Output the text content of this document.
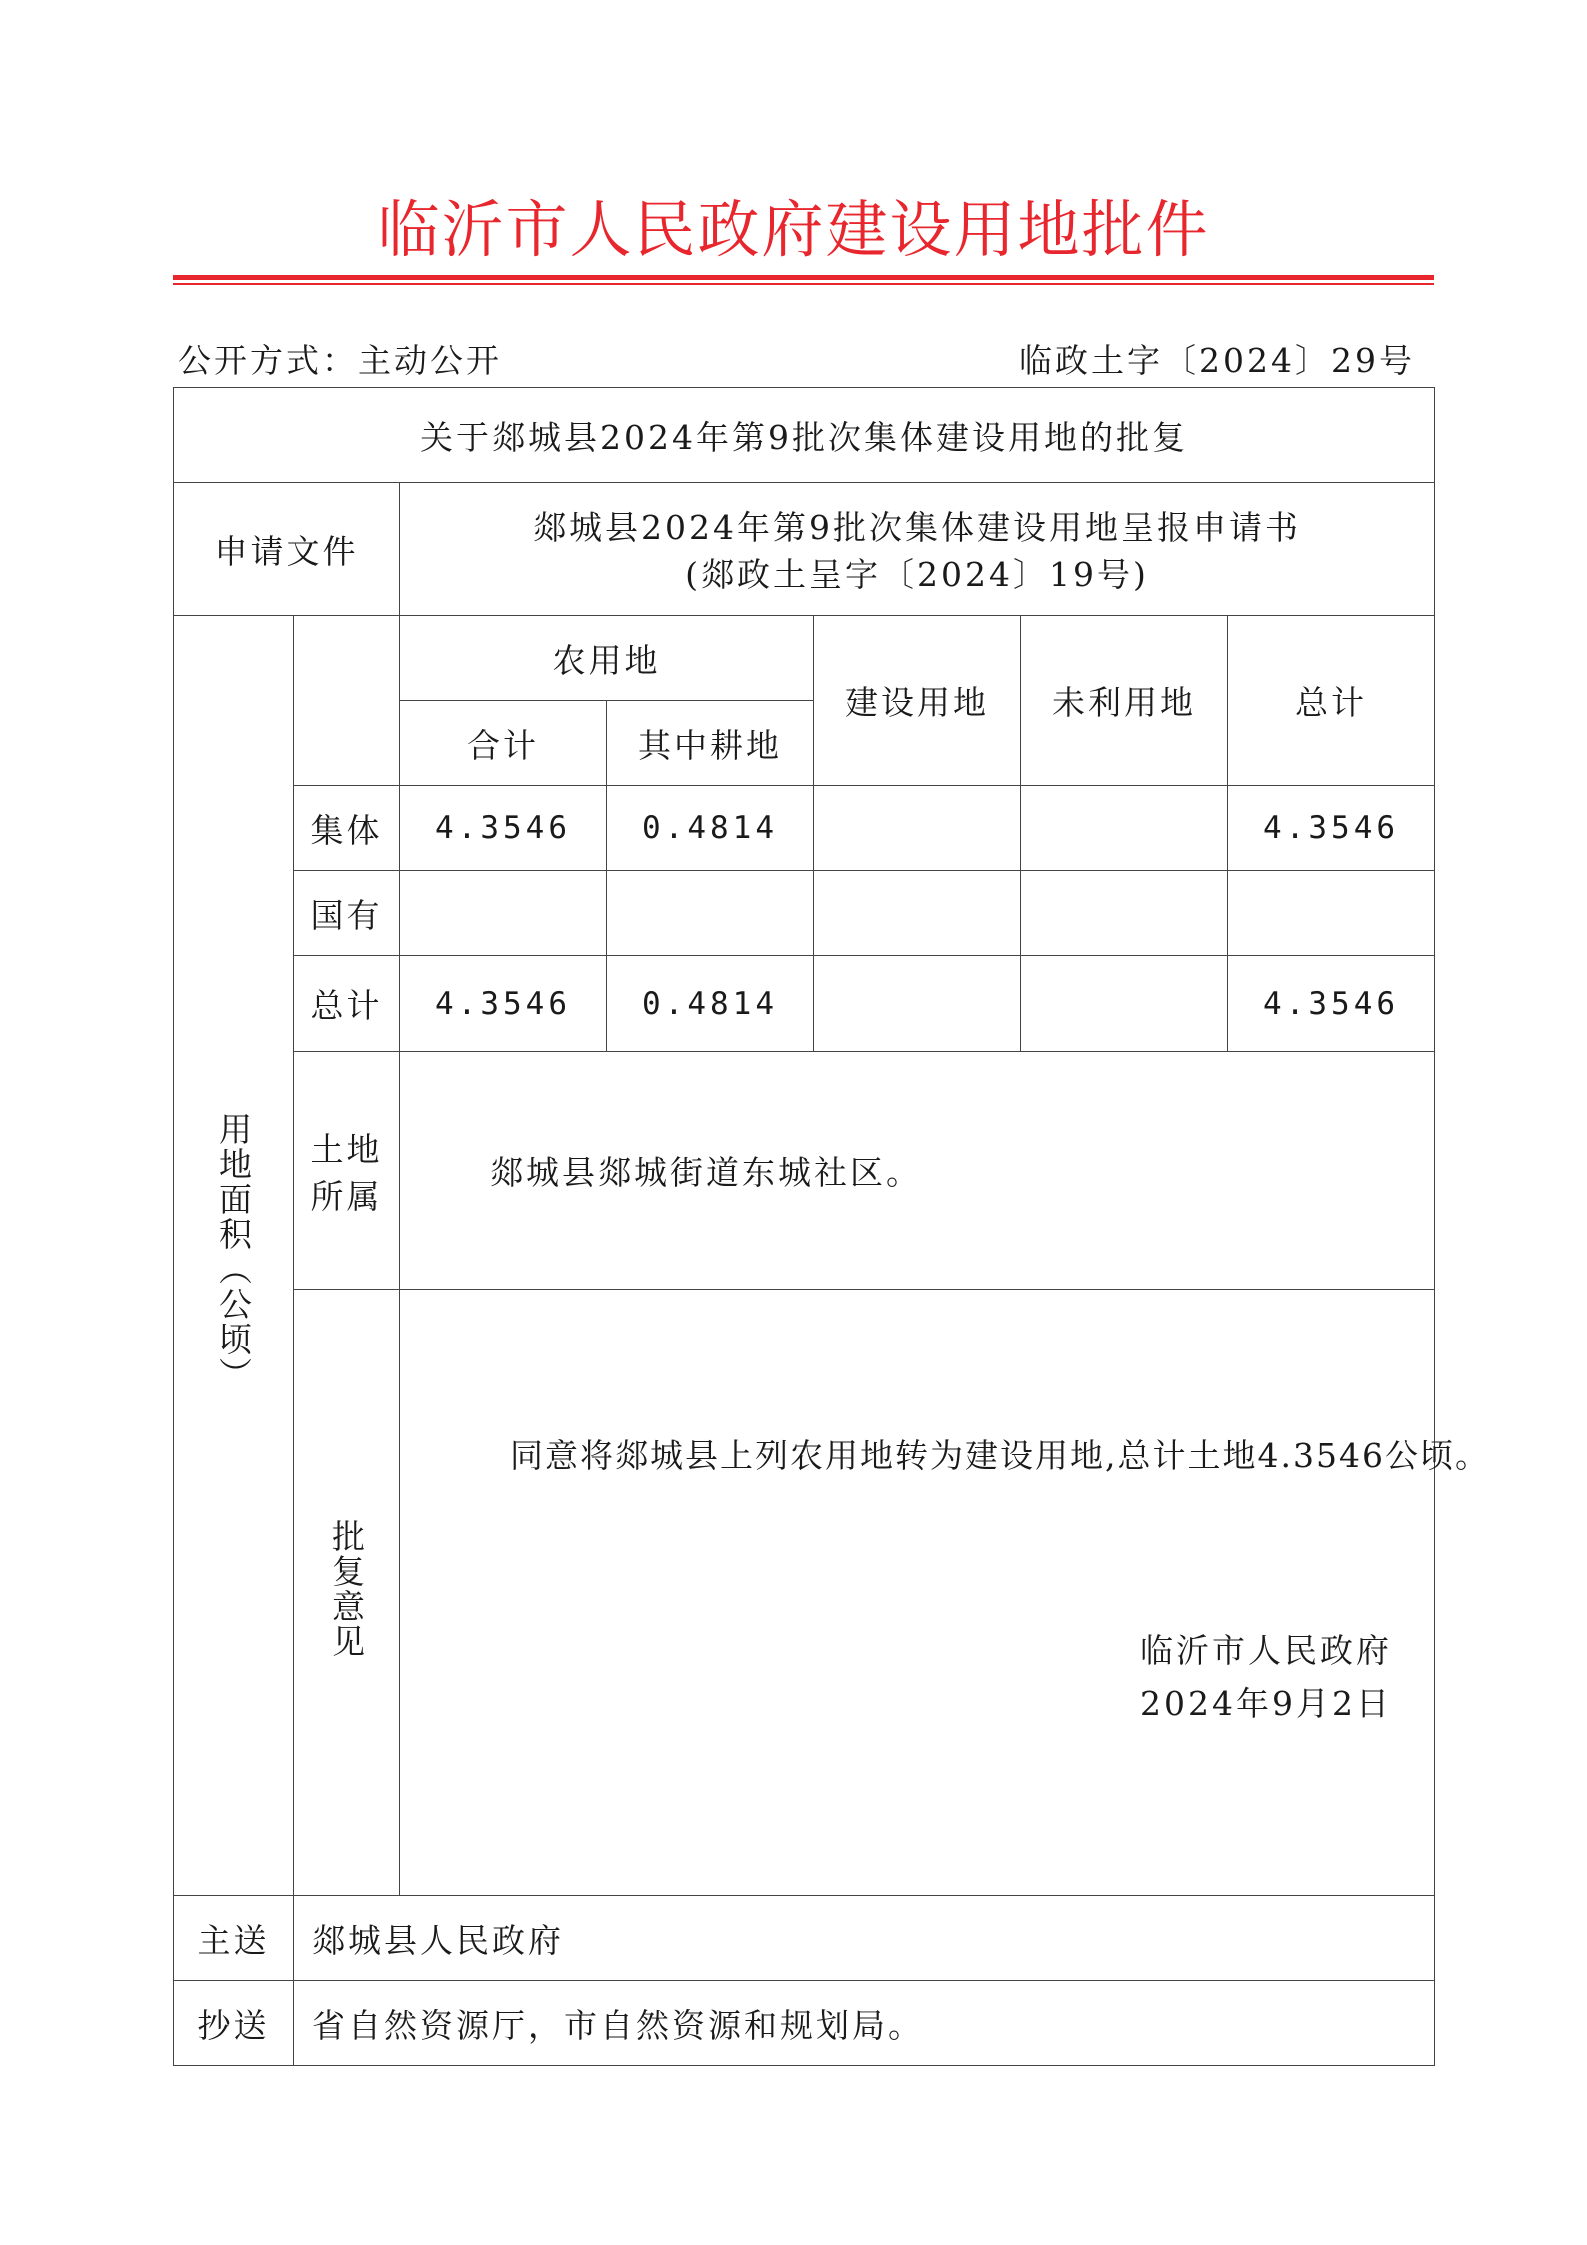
临沂市人民政府建设用地批件
公开方式：主动公开	临政土字〔2024〕29号
关于郯城县2024年第9批次集体建设用地的批复						
申请文件		郯城县2024年第9批次集体建设用地呈报申请书
(郯政土呈字〔2024〕19号)				

用地面积（公顷）		农用地		建设用地	未利用地	总计
		合计	其中耕地			
	集体	4.3546	0.4814			4.3546
	国有					
	总计	4.3546	0.4814			4.3546

	土地
所属	郯城县郯城街道东城社区。				
	批复意见	同意将郯城县上列农用地转为建设用地,总计土地4.3546公顷。
临沂市人民政府
2024年9月2日				

主送	郯城县人民政府					
抄送	省自然资源厅，市自然资源和规划局。					
